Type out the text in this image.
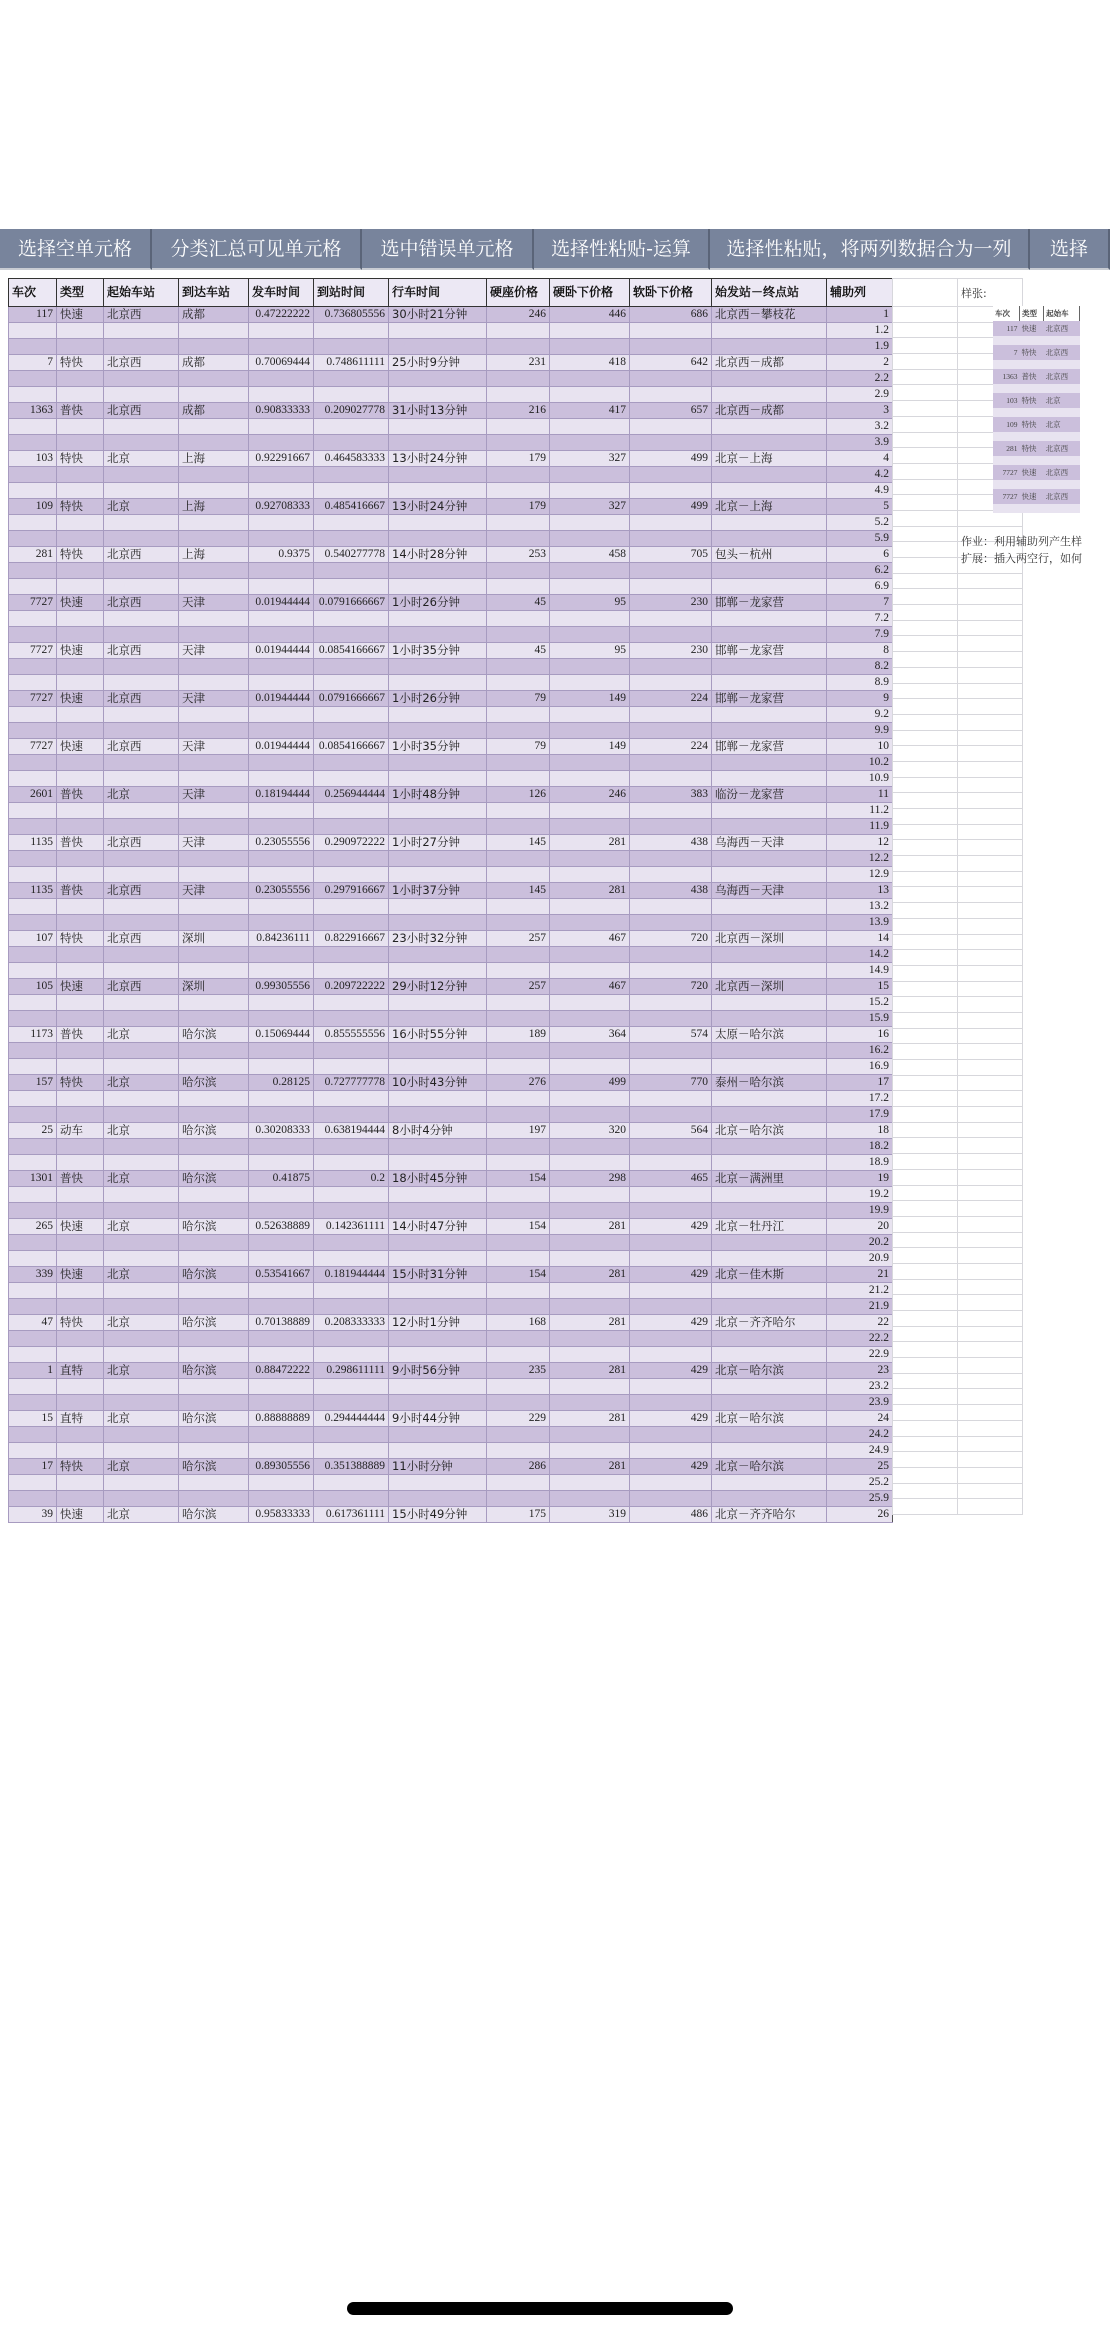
选择空单元格	分类汇总可见单元格	选中错误单元格	选择性粘贴-运算	选择性粘贴，将两列数据合为一列	选择
车次	类型	起始车站	到达车站	发车时间	到站时间	行车时间	硬座价格	硬卧下价格	软卧下价格	始发站－终点站	辅助列
117	快速	北京西	成都	0.47222222	0.736805556	30小时21分钟	246	446	686	北京西－攀枝花	1
											1.2
											1.9
7	特快	北京西	成都	0.70069444	0.748611111	25小时9分钟	231	418	642	北京西－成都	2
											2.2
											2.9
1363	普快	北京西	成都	0.90833333	0.209027778	31小时13分钟	216	417	657	北京西－成都	3
											3.2
											3.9
103	特快	北京	上海	0.92291667	0.464583333	13小时24分钟	179	327	499	北京－上海	4
											4.2
											4.9
109	特快	北京	上海	0.92708333	0.485416667	13小时24分钟	179	327	499	北京－上海	5
											5.2
											5.9
281	特快	北京西	上海	0.9375	0.540277778	14小时28分钟	253	458	705	包头－杭州	6
											6.2
											6.9
7727	快速	北京西	天津	0.01944444	0.0791666667	1小时26分钟	45	95	230	邯郸－龙家营	7
											7.2
											7.9
7727	快速	北京西	天津	0.01944444	0.0854166667	1小时35分钟	45	95	230	邯郸－龙家营	8
											8.2
											8.9
7727	快速	北京西	天津	0.01944444	0.0791666667	1小时26分钟	79	149	224	邯郸－龙家营	9
											9.2
											9.9
7727	快速	北京西	天津	0.01944444	0.0854166667	1小时35分钟	79	149	224	邯郸－龙家营	10
											10.2
											10.9
2601	普快	北京	天津	0.18194444	0.256944444	1小时48分钟	126	246	383	临汾－龙家营	11
											11.2
											11.9
1135	普快	北京西	天津	0.23055556	0.290972222	1小时27分钟	145	281	438	乌海西－天津	12
											12.2
											12.9
1135	普快	北京西	天津	0.23055556	0.297916667	1小时37分钟	145	281	438	乌海西－天津	13
											13.2
											13.9
107	特快	北京西	深圳	0.84236111	0.822916667	23小时32分钟	257	467	720	北京西－深圳	14
											14.2
											14.9
105	快速	北京西	深圳	0.99305556	0.209722222	29小时12分钟	257	467	720	北京西－深圳	15
											15.2
											15.9
1173	普快	北京	哈尔滨	0.15069444	0.855555556	16小时55分钟	189	364	574	太原－哈尔滨	16
											16.2
											16.9
157	特快	北京	哈尔滨	0.28125	0.727777778	10小时43分钟	276	499	770	泰州－哈尔滨	17
											17.2
											17.9
25	动车	北京	哈尔滨	0.30208333	0.638194444	8小时4分钟	197	320	564	北京－哈尔滨	18
											18.2
											18.9
1301	普快	北京	哈尔滨	0.41875	0.2	18小时45分钟	154	298	465	北京－满洲里	19
											19.2
											19.9
265	快速	北京	哈尔滨	0.52638889	0.142361111	14小时47分钟	154	281	429	北京－牡丹江	20
											20.2
											20.9
339	快速	北京	哈尔滨	0.53541667	0.181944444	15小时31分钟	154	281	429	北京－佳木斯	21
											21.2
											21.9
47	特快	北京	哈尔滨	0.70138889	0.208333333	12小时1分钟	168	281	429	北京－齐齐哈尔	22
											22.2
											22.9
1	直特	北京	哈尔滨	0.88472222	0.298611111	9小时56分钟	235	281	429	北京－哈尔滨	23
											23.2
											23.9
15	直特	北京	哈尔滨	0.88888889	0.294444444	9小时44分钟	229	281	429	北京－哈尔滨	24
											24.2
											24.9
17	特快	北京	哈尔滨	0.89305556	0.351388889	11小时分钟	286	281	429	北京－哈尔滨	25
											25.2
											25.9
39	快速	北京	哈尔滨	0.95833333	0.617361111	15小时49分钟	175	319	486	北京－齐齐哈尔	26

样张:
车次	类型	起始车
117	快速	北京西

7	特快	北京西

1363	普快	北京西

103	特快	北京

109	特快	北京

281	特快	北京西

7727	快速	北京西

7727	快速	北京西

作业：利用辅助列产生样
扩展：插入两空行，如何
